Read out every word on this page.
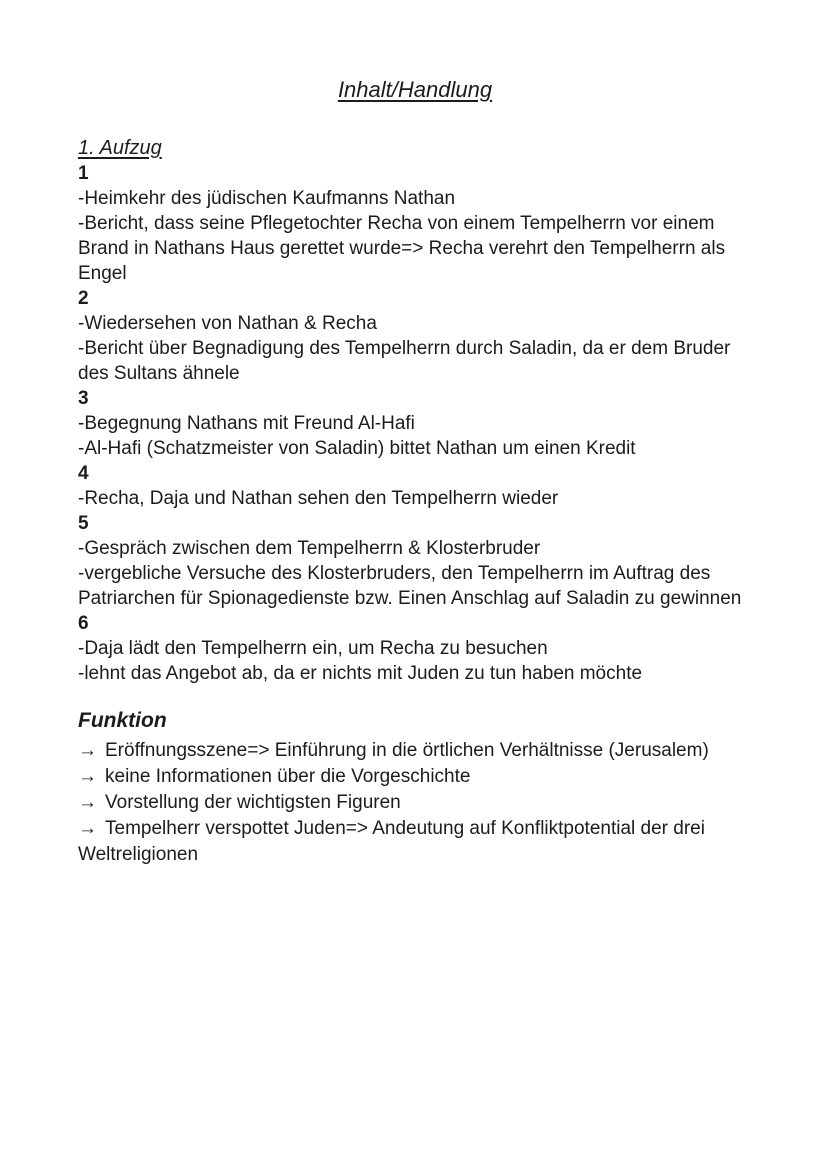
Inhalt/Handlung
1. Aufzug

1

-Heimkehr des jüdischen Kaufmanns Nathan

-Bericht, dass seine Pflegetochter Recha von einem Tempelherrn vor einem Brand in Nathans Haus gerettet wurde=> Recha verehrt den Tempelherrn als Engel

2

-Wiedersehen von Nathan & Recha

-Bericht über Begnadigung des Tempelherrn durch Saladin, da er dem Bruder des Sultans ähnele

3

-Begegnung Nathans mit Freund Al-Hafi

-Al-Hafi (Schatzmeister von Saladin) bittet Nathan um einen Kredit

4

-Recha, Daja und Nathan sehen den Tempelherrn wieder

5

-Gespräch zwischen dem Tempelherrn & Klosterbruder

-vergebliche Versuche des Klosterbruders, den Tempelherrn im Auftrag des Patriarchen für Spionagedienste bzw. Einen Anschlag auf Saladin zu gewinnen

6

-Daja lädt den Tempelherrn ein, um Recha zu besuchen

-lehnt das Angebot ab, da er nichts mit Juden zu tun haben möchte

Funktion

→ Eröffnungsszene=> Einführung in die örtlichen Verhältnisse (Jerusalem)

→ keine Informationen über die Vorgeschichte

→ Vorstellung der wichtigsten Figuren

→ Tempelherr verspottet Juden=> Andeutung auf Konfliktpotential der drei Weltreligionen
